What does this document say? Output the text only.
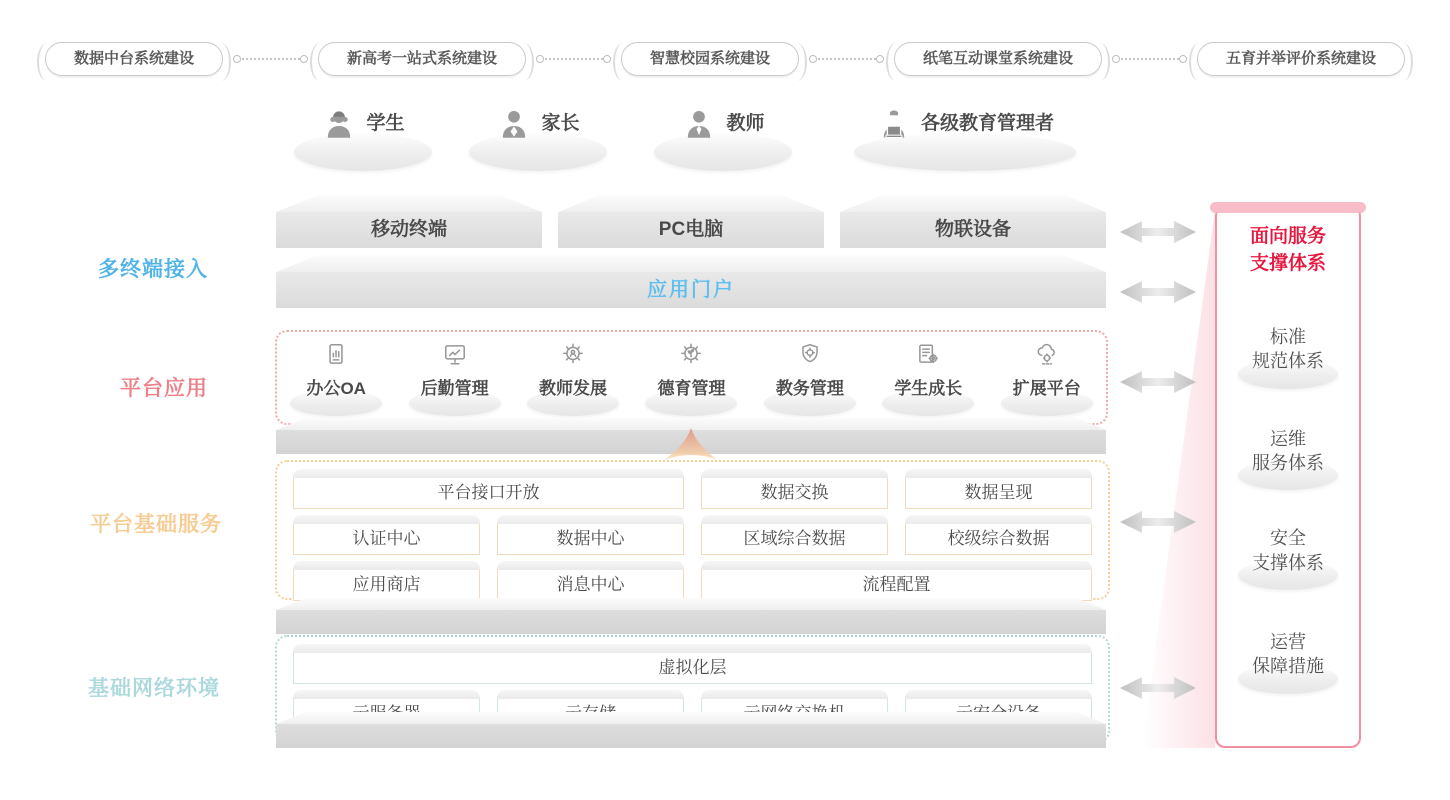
数据中台系统建设	新高考一站式系统建设	智慧校园系统建设	纸笔互动课堂系统建设	五育并举评价系统建设
学生	家长	教师	各级教育管理者
多终端接入
平台应用
平台基础服务
基础网络环境
移动终端	PC电脑	物联设备
应用门户
办公OA	后勤管理	教师发展	德育管理	教务管理	学生成长	扩展平台
平台接口开放	数据交换	数据呈现
认证中心	数据中心	区域综合数据	校级综合数据
应用商店	消息中心	流程配置
虚拟化层
面向服务
支撑体系
标准
规范体系
运维
服务体系
安全
支撑体系
运营
保障措施
